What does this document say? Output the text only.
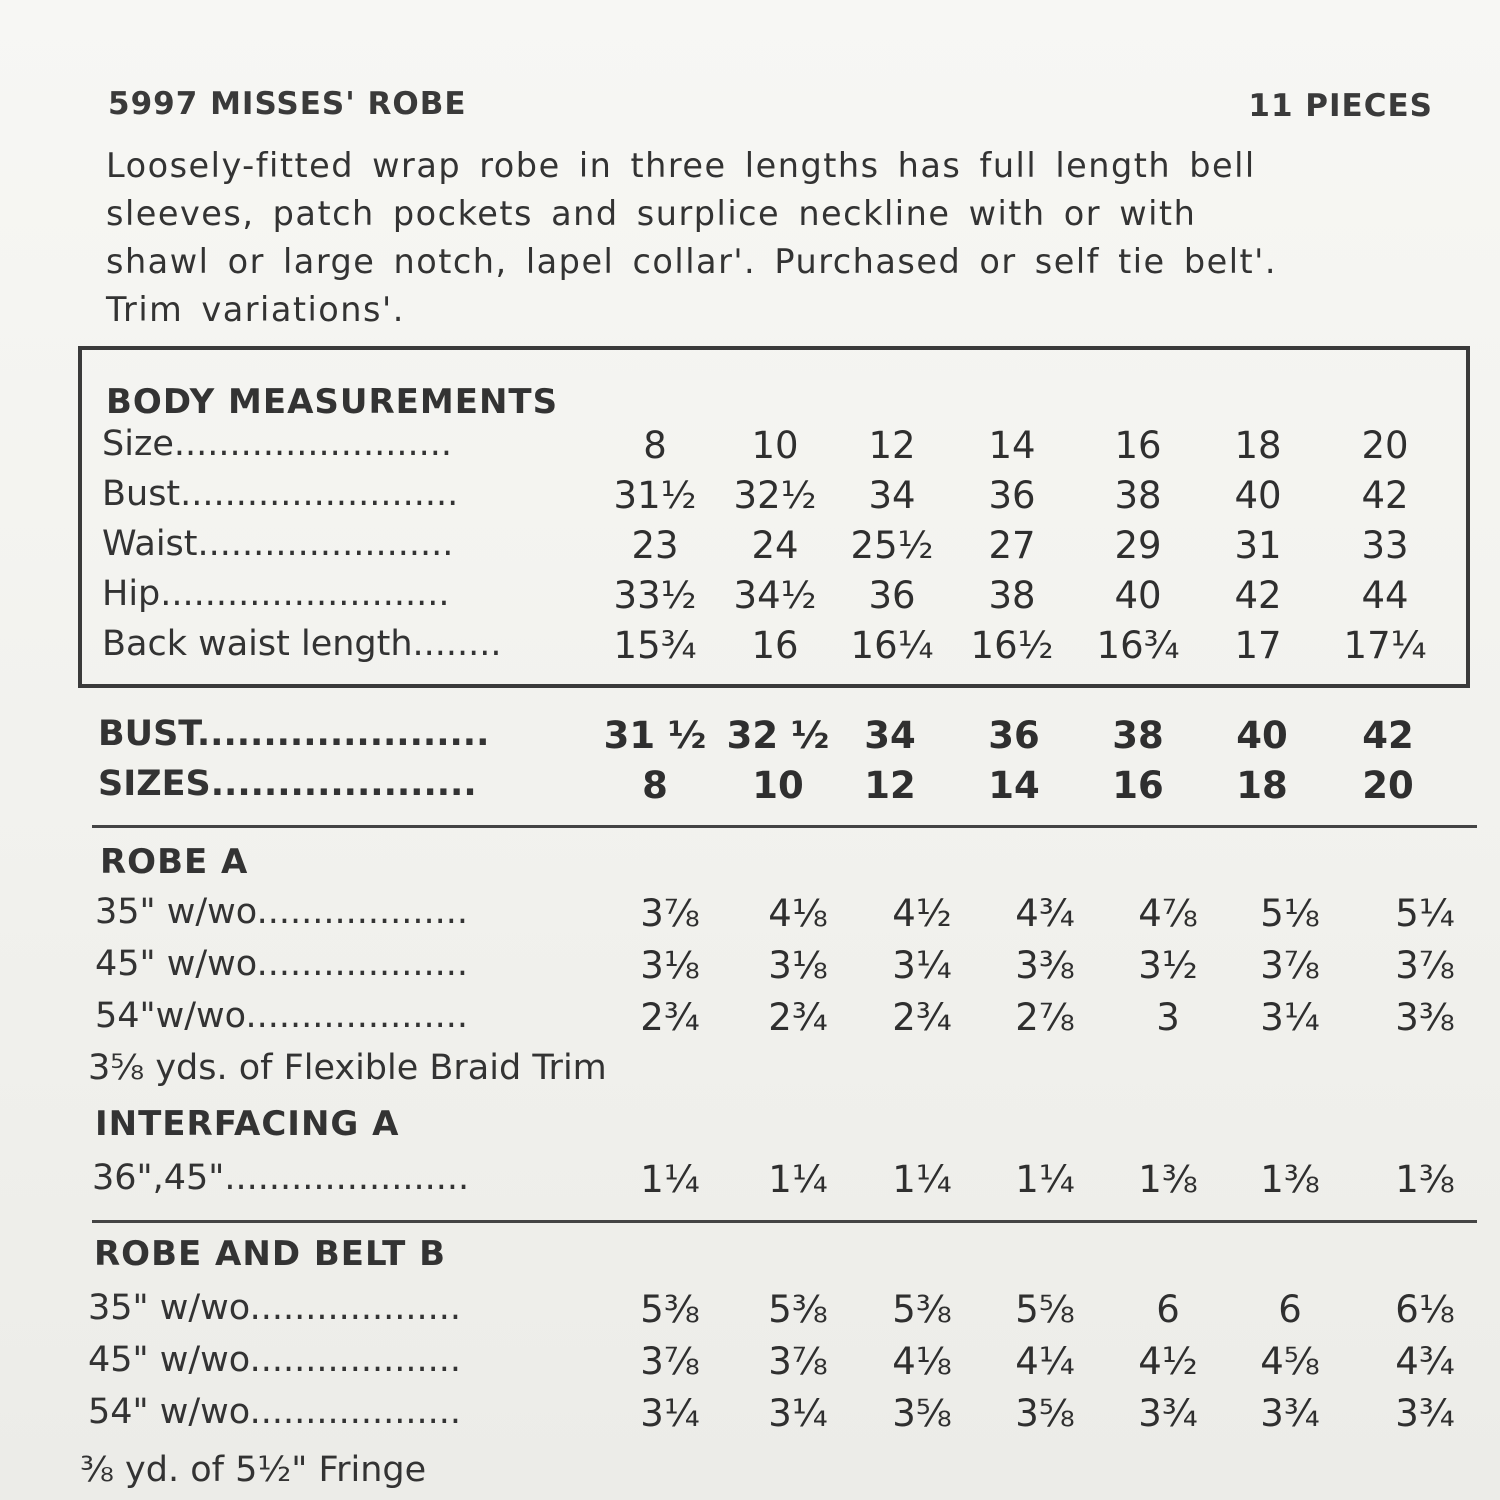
5997 MISSES' ROBE	11 PIECES
Loosely-fitted wrap robe in three lengths has full length bell
sleeves, patch pockets and surplice neckline with or with
shawl or large notch, lapel collar'. Purchased or self tie belt'.
Trim variations'.
BODY MEASUREMENTS
Size.........................	8 10 12 14 16 18 20
Bust.........................	31½ 32½ 34 36 38 40 42
Waist.......................	23 24 25½ 27 29 31 33
Hip..........................	33½ 34½ 36 38 40 42 44
Back waist length........	15¾ 16 16¼ 16½ 16¾ 17 17¼
BUST......................	31 ½ 32 ½ 34 36 38 40 42
SIZES....................	8 10 12 14 16 18 20
ROBE A
35" w/wo...................	3⅞ 4⅛ 4½ 4¾ 4⅞ 5⅛ 5¼
45" w/wo...................	3⅛ 3⅛ 3¼ 3⅜ 3½ 3⅞ 3⅞
54"w/wo....................	2¾ 2¾ 2¾ 2⅞ 3 3¼ 3⅜
3⅝ yds. of Flexible Braid Trim
INTERFACING A
36",45"......................	1¼ 1¼ 1¼ 1¼ 1⅜ 1⅜ 1⅜
ROBE AND BELT B
35" w/wo...................	5⅜ 5⅜ 5⅜ 5⅝ 6	6	6⅛
45" w/wo...................	3⅞ 3⅞ 4⅛ 4¼ 4½ 4⅝ 4¾
54" w/wo...................	3¼ 3¼ 3⅝ 3⅝ 3¾ 3¾ 3¾
⅜ yd. of 5½" Fringe
